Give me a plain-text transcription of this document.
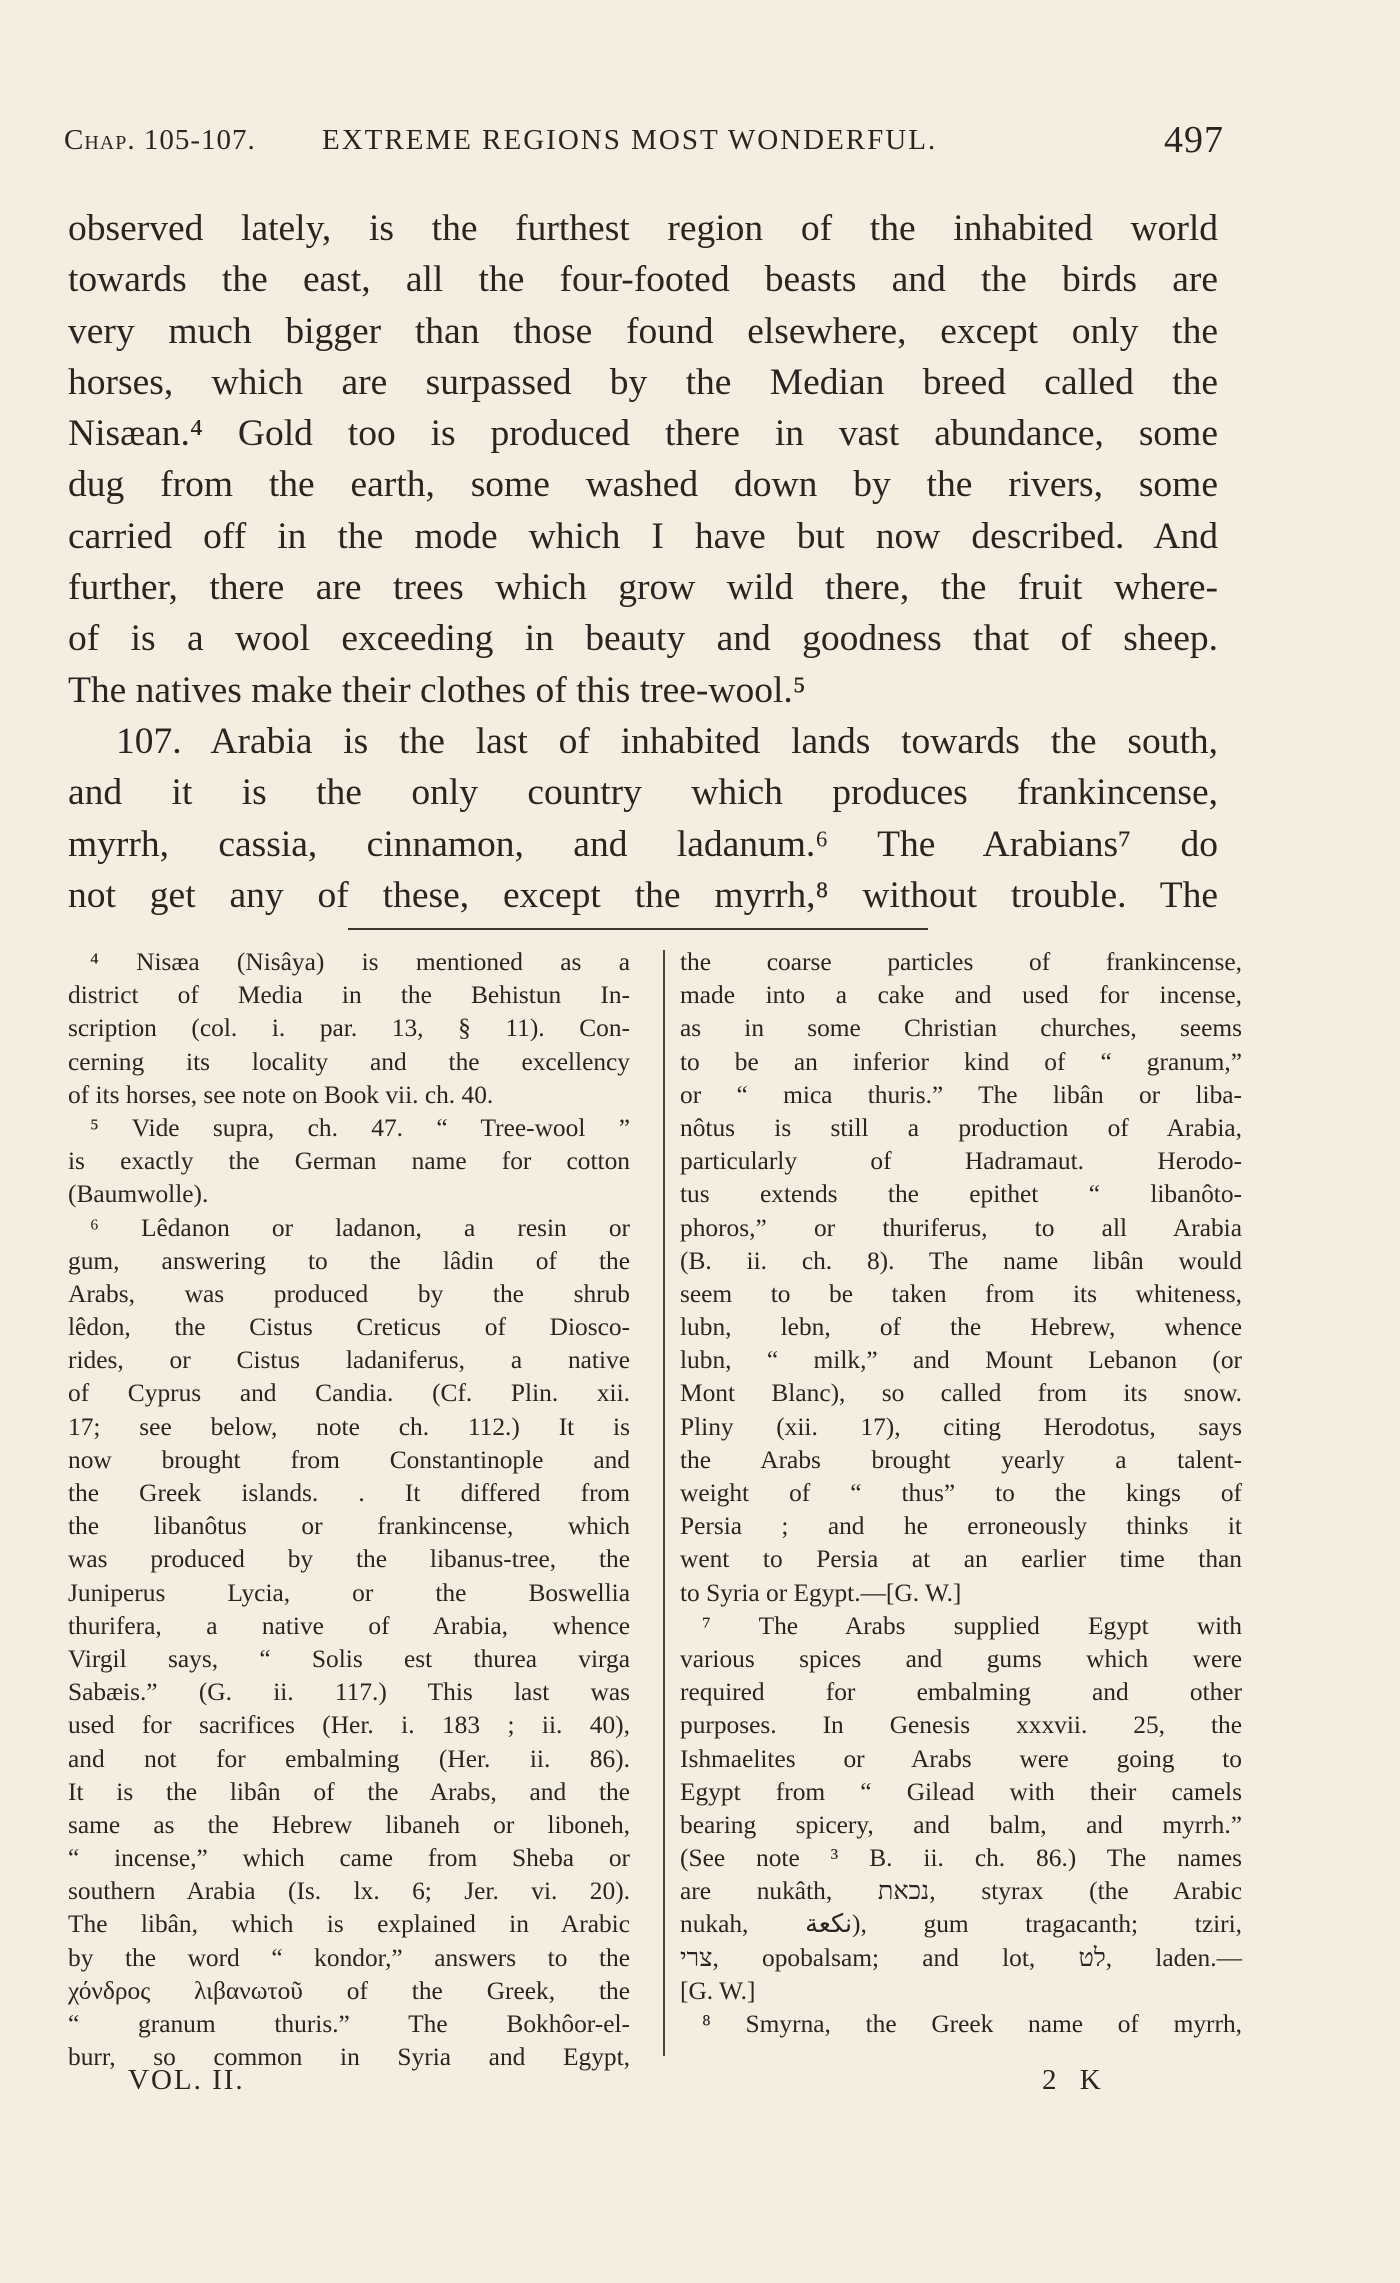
Chap. 105-107. EXTREME REGIONS MOST WONDERFUL.	497
observed lately, is the furthest region of the inhabited world
towards the east, all the four-footed beasts and the birds are
very much bigger than those found elsewhere, except only the
horses, which are surpassed by the Median breed called the
Nisæan.⁴ Gold too is produced there in vast abundance, some
dug from the earth, some washed down by the rivers, some
carried off in the mode which I have but now described. And
further, there are trees which grow wild there, the fruit where-
of is a wool exceeding in beauty and goodness that of sheep.
The natives make their clothes of this tree-wool.⁵
107. Arabia is the last of inhabited lands towards the south,
and it is the only country which produces frankincense,
myrrh, cassia, cinnamon, and ladanum.⁶ The Arabians⁷ do
not get any of these, except the myrrh,⁸ without trouble. The
⁴ Nisæa (Nisâya) is mentioned as a
district of Media in the Behistun In-
scription (col. i. par. 13, § 11). Con-
cerning its locality and the excellency
of its horses, see note on Book vii. ch. 40.
⁵ Vide supra, ch. 47. “ Tree-wool ”
is exactly the German name for cotton
(Baumwolle).
⁶ Lêdanon or ladanon, a resin or
gum, answering to the lâdin of the
Arabs, was produced by the shrub
lêdon, the Cistus Creticus of Diosco-
rides, or Cistus ladaniferus, a native
of Cyprus and Candia. (Cf. Plin. xii.
17; see below, note ch. 112.) It is
now brought from Constantinople and
the Greek islands. . It differed from
the libanôtus or frankincense, which
was produced by the libanus-tree, the
Juniperus Lycia, or the Boswellia
thurifera, a native of Arabia, whence
Virgil says, “ Solis est thurea virga
Sabæis.” (G. ii. 117.) This last was
used for sacrifices (Her. i. 183 ; ii. 40),
and not for embalming (Her. ii. 86).
It is the libân of the Arabs, and the
same as the Hebrew libaneh or liboneh,
“ incense,” which came from Sheba or
southern Arabia (Is. lx. 6; Jer. vi. 20).
The libân, which is explained in Arabic
by the word “ kondor,” answers to the
χόνδρος λιβανωτοῦ of the Greek, the
“ granum thuris.” The Bokhôor-el-
burr, so common in Syria and Egypt,
the coarse particles of frankincense,
made into a cake and used for incense,
as in some Christian churches, seems
to be an inferior kind of “ granum,”
or “ mica thuris.” The libân or liba-
nôtus is still a production of Arabia,
particularly of Hadramaut. Herodo-
tus extends the epithet “ libanôto-
phoros,” or thuriferus, to all Arabia
(B. ii. ch. 8). The name libân would
seem to be taken from its whiteness,
lubn, lebn, of the Hebrew, whence
lubn, “ milk,” and Mount Lebanon (or
Mont Blanc), so called from its snow.
Pliny (xii. 17), citing Herodotus, says
the Arabs brought yearly a talent-
weight of “ thus” to the kings of
Persia ; and he erroneously thinks it
went to Persia at an earlier time than
to Syria or Egypt.—[G. W.]
⁷ The Arabs supplied Egypt with
various spices and gums which were
required for embalming and other
purposes. In Genesis xxxvii. 25, the
Ishmaelites or Arabs were going to
Egypt from “ Gilead with their camels
bearing spicery, and balm, and myrrh.”
(See note ³ B. ii. ch. 86.) The names
are nukâth, נכאת, styrax (the Arabic
nukah, نكعة), gum tragacanth; tziri,
צרי, opobalsam; and lot, לט, laden.—
[G. W.]
⁸ Smyrna, the Greek name of myrrh,
VOL. II.	2 K
